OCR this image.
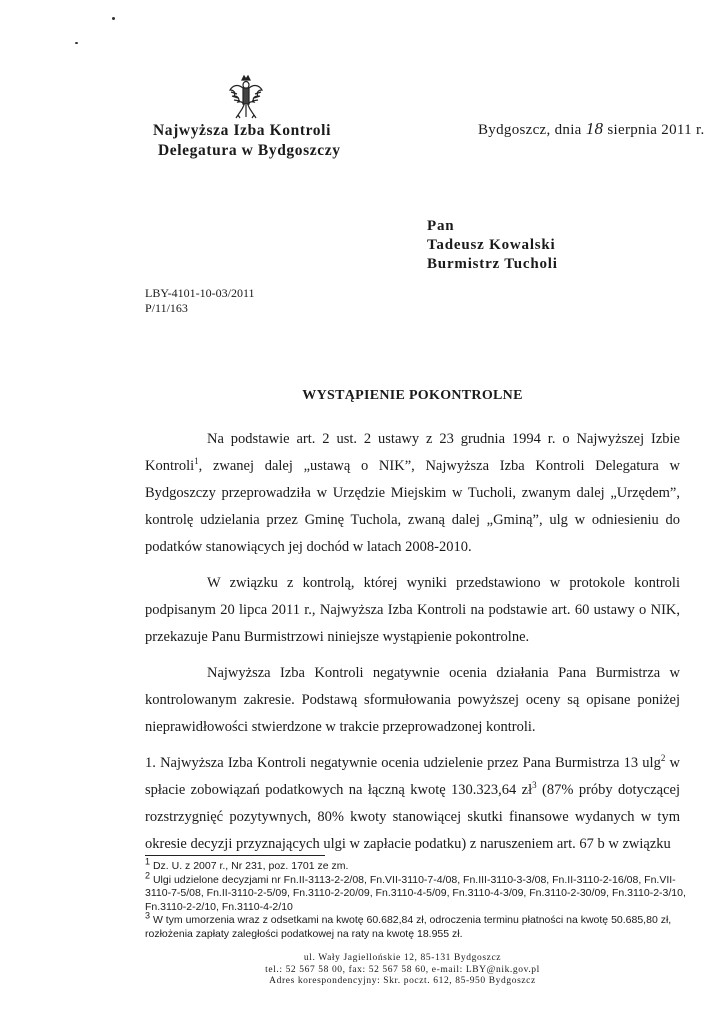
Najwyższa Izba Kontroli
Delegatura w Bydgoszczy
Bydgoszcz, dnia 18 sierpnia 2011 r.
Pan
Tadeusz Kowalski
Burmistrz Tucholi
LBY-4101-10-03/2011
P/11/163
WYSTĄPIENIE POKONTROLNE

Na podstawie art. 2 ust. 2 ustawy z 23 grudnia 1994 r. o Najwyższej Izbie Kontroli$^1$, zwanej dalej „ustawą o NIK”, Najwyższa Izba Kontroli Delegatura w Bydgoszczy przeprowadziła w Urzędzie Miejskim w Tucholi, zwanym dalej „Urzędem”, kontrolę udzielania przez Gminę Tuchola, zwaną dalej „Gminą”, ulg w odniesieniu do podatków stanowiących jej dochód w latach 2008-2010.

W związku z kontrolą, której wyniki przedstawiono w protokole kontroli podpisanym 20 lipca 2011 r., Najwyższa Izba Kontroli na podstawie art. 60 ustawy o NIK, przekazuje Panu Burmistrzowi niniejsze wystąpienie pokontrolne.

Najwyższa Izba Kontroli negatywnie ocenia działania Pana Burmistrza w kontrolowanym zakresie. Podstawą sformułowania powyższej oceny są opisane poniżej nieprawidłowości stwierdzone w trakcie przeprowadzonej kontroli.

1. Najwyższa Izba Kontroli negatywnie ocenia udzielenie przez Pana Burmistrza 13 ulg$^2$ w spłacie zobowiązań podatkowych na łączną kwotę 130.323,64 $zł^3$ (87% próby dotyczącej rozstrzygnięć pozytywnych, 80% kwoty stanowiącej skutki finansowe wydanych w tym okresie decyzji przyznających ulgi w zapłacie podatku) z naruszeniem art. 67 b w związku

$^1$ Dz. U. z 2007 r., Nr 231, poz. 1701 ze zm.

$^2$ Ulgi udzielone decyzjami nr Fn.II-3113-2-2/08, Fn.VII-3110-7-4/08, Fn.III-3110-3-3/08, Fn.II-3110-2-16/08, Fn.VII-3110-7-5/08, Fn.II-3110-2-5/09, Fn.3110-2-20/09, Fn.3110-4-5/09, Fn.3110-4-3/09, Fn.3110-2-30/09, Fn.3110-2-3/10, Fn.3110-2-2/10, Fn.3110-4-2/10

$^3$ W tym umorzenia wraz z odsetkami na kwotę 60.682,84 zł, odroczenia terminu płatności na kwotę 50.685,80 zł, rozłożenia zapłaty zaległości podatkowej na raty na kwotę 18.955 zł.

ul. Wały Jagiellońskie 12, 85-131 Bydgoszcz
tel.: 52 567 58 00, fax: 52 567 58 60, e-mail: LBY@nik.gov.pl
Adres korespondencyjny: Skr. poczt. 612, 85-950 Bydgoszcz
